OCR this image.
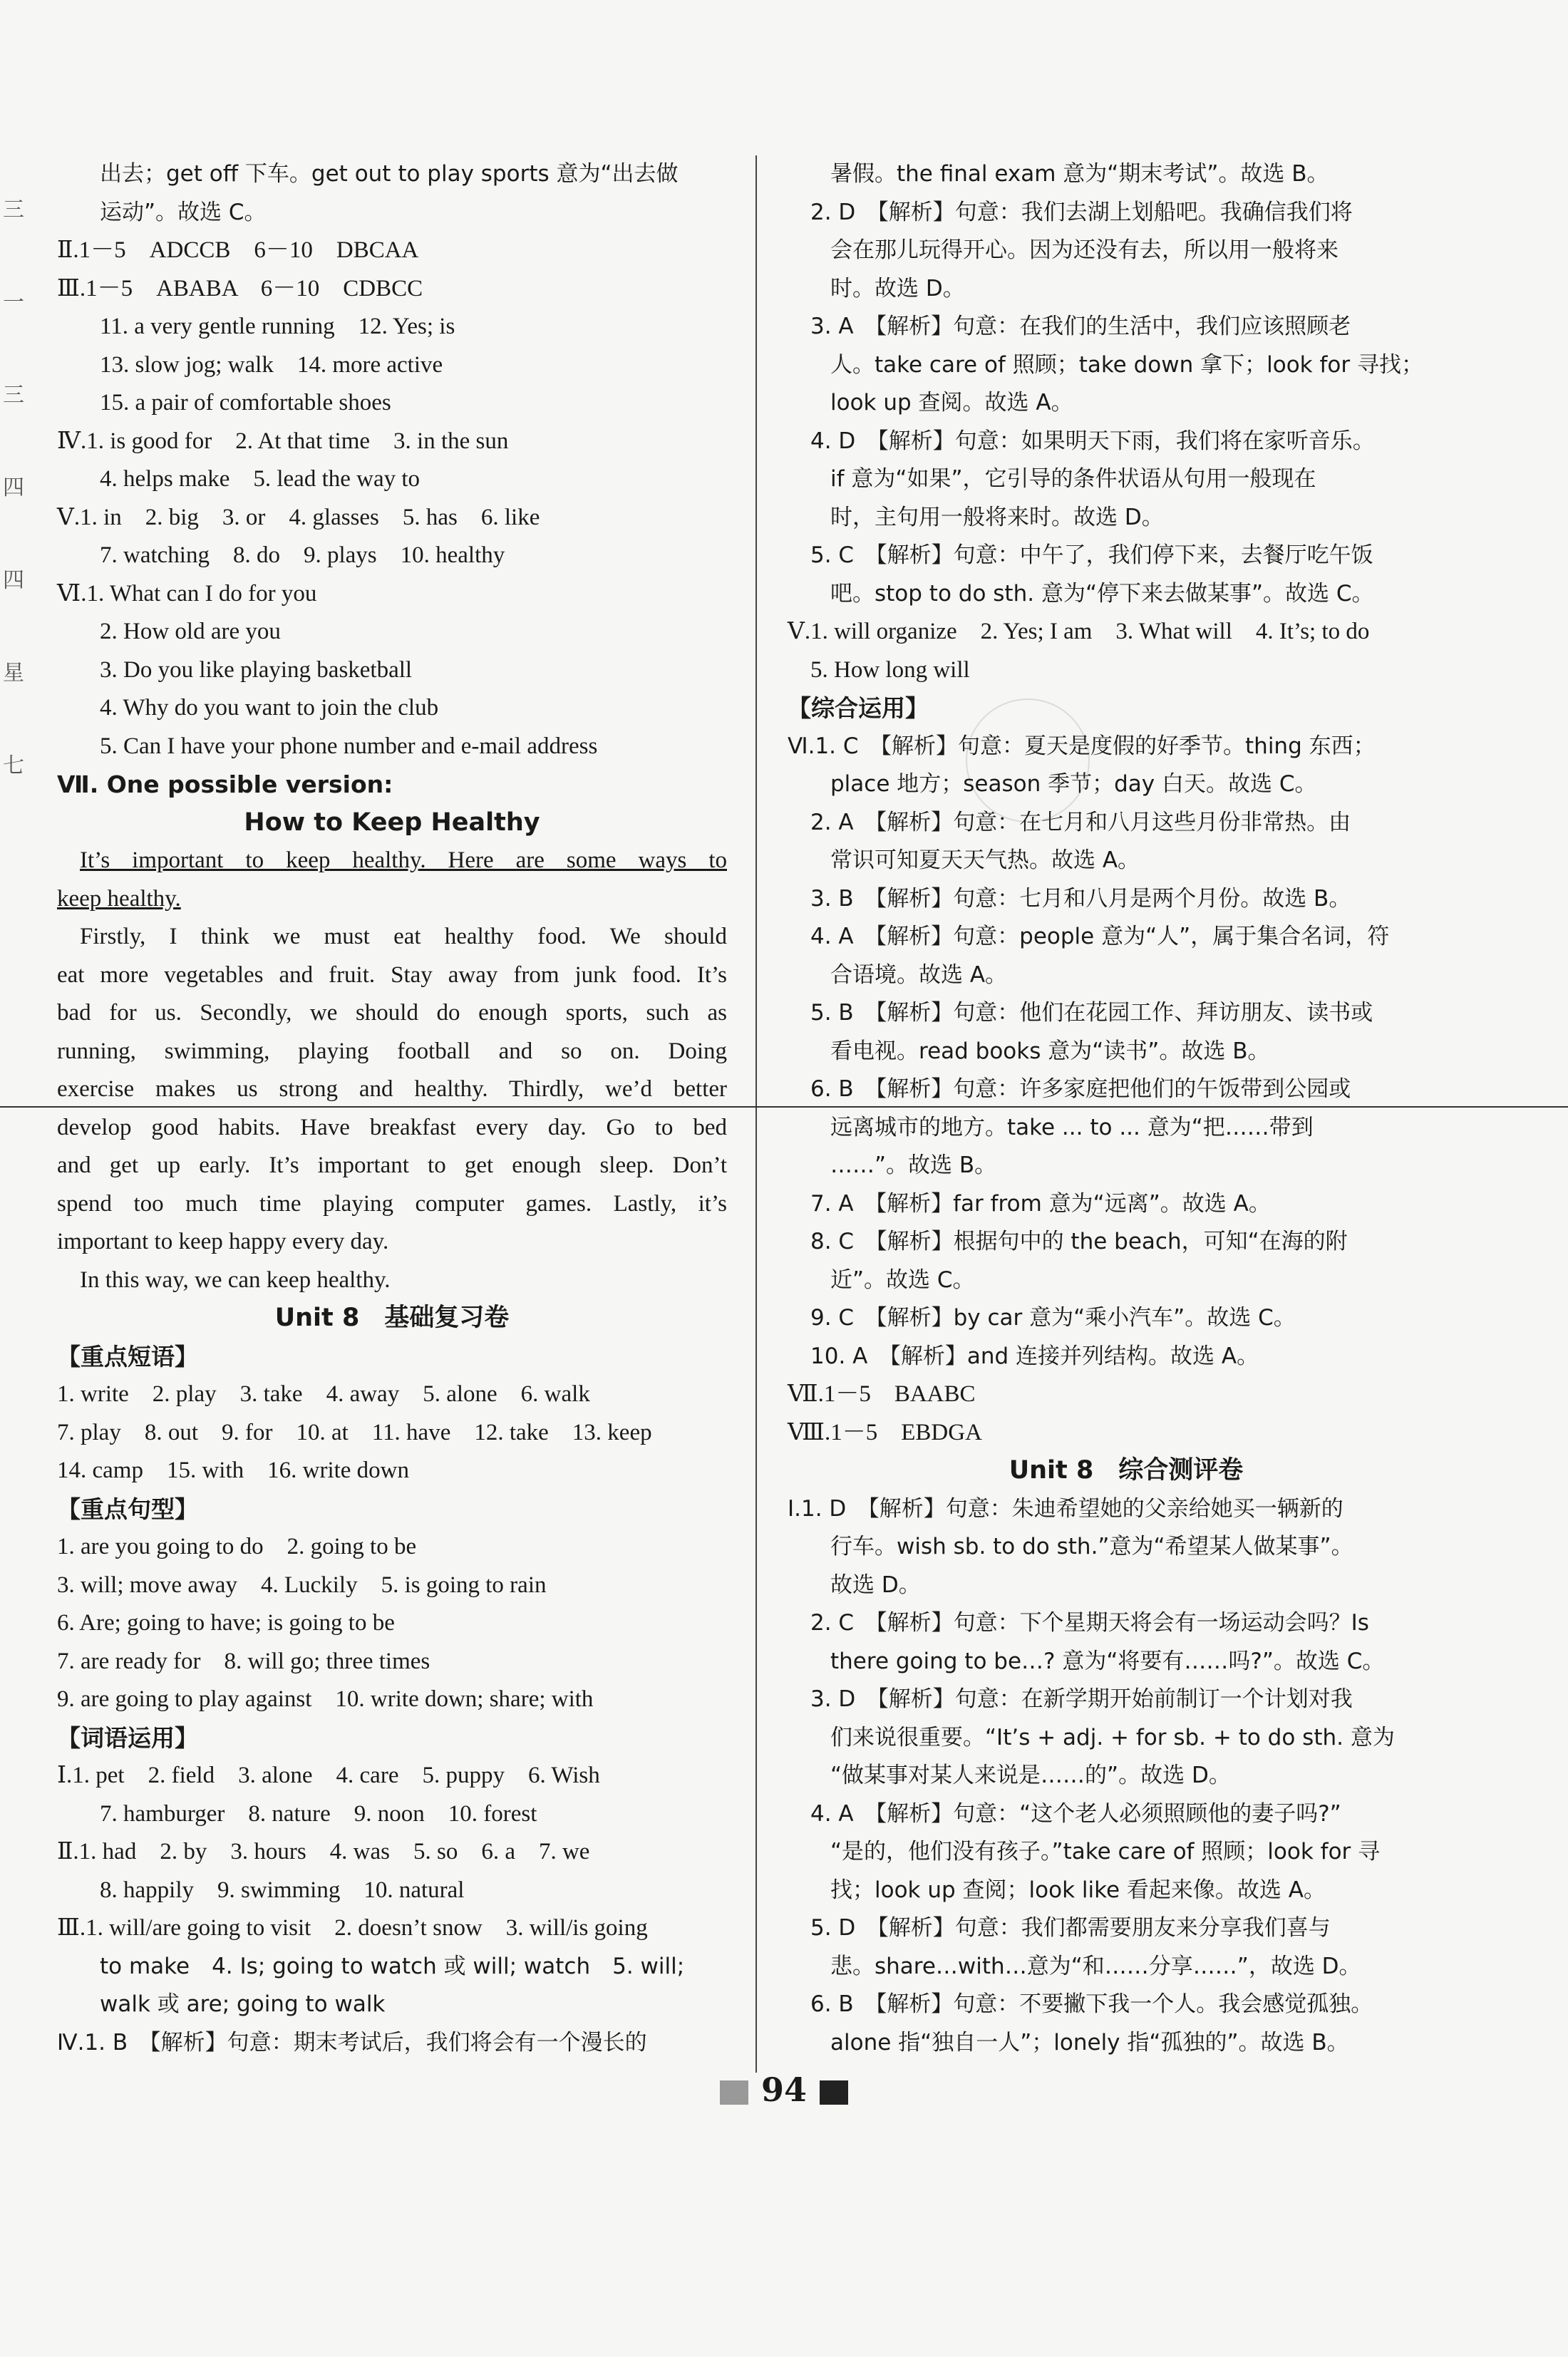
三
一
三
四
四
星
七
出去；get off 下车。get out to play sports 意为“出去做
运动”。故选 C。
Ⅱ.1－5　ADCCB　6－10　DBCAA
Ⅲ.1－5　ABABA　6－10　CDBCC
11. a very gentle running　12. Yes; is
13. slow jog; walk　14. more active
15. a pair of comfortable shoes
Ⅳ.1. is good for　2. At that time　3. in the sun
4. helps make　5. lead the way to
Ⅴ.1. in　2. big　3. or　4. glasses　5. has　6. like
7. watching　8. do　9. plays　10. healthy
Ⅵ.1. What can I do for you
2. How old are you
3. Do you like playing basketball
4. Why do you want to join the club
5. Can I have your phone number and e-mail address
Ⅶ. One possible version:
How to Keep Healthy
It’s important to keep healthy. Here are some ways to
keep healthy.
Firstly, I think we must eat healthy food. We should
eat more vegetables and fruit. Stay away from junk food. It’s
bad for us. Secondly, we should do enough sports, such as
running, swimming, playing football and so on. Doing
exercise makes us strong and healthy. Thirdly, we’d better
develop good habits. Have breakfast every day. Go to bed
and get up early. It’s important to get enough sleep. Don’t
spend too much time playing computer games. Lastly, it’s
important to keep happy every day.
In this way, we can keep healthy.
Unit 8　基础复习卷
【重点短语】
1. write　2. play　3. take　4. away　5. alone　6. walk
7. play　8. out　9. for　10. at　11. have　12. take　13. keep
14. camp　15. with　16. write down
【重点句型】
1. are you going to do　2. going to be
3. will; move away　4. Luckily　5. is going to rain
6. Are; going to have; is going to be
7. are ready for　8. will go; three times
9. are going to play against　10. write down; share; with
【词语运用】
Ⅰ.1. pet　2. field　3. alone　4. care　5. puppy　6. Wish
7. hamburger　8. nature　9. noon　10. forest
Ⅱ.1. had　2. by　3. hours　4. was　5. so　6. a　7. we
8. happily　9. swimming　10. natural
Ⅲ.1. will/are going to visit　2. doesn’t snow　3. will/is going
to make　4. Is; going to watch 或 will; watch　5. will;
walk 或 are; going to walk
Ⅳ.1. B　【解析】句意：期末考试后，我们将会有一个漫长的
暑假。the final exam 意为“期末考试”。故选 B。
2. D　【解析】句意：我们去湖上划船吧。我确信我们将
会在那儿玩得开心。因为还没有去，所以用一般将来
时。故选 D。
3. A　【解析】句意：在我们的生活中，我们应该照顾老
人。take care of 照顾；take down 拿下；look for 寻找；
look up 查阅。故选 A。
4. D　【解析】句意：如果明天下雨，我们将在家听音乐。
if 意为“如果”，它引导的条件状语从句用一般现在
时，主句用一般将来时。故选 D。
5. C　【解析】句意：中午了，我们停下来，去餐厅吃午饭
吧。stop to do sth. 意为“停下来去做某事”。故选 C。
Ⅴ.1. will organize　2. Yes; I am　3. What will　4. It’s; to do
5. How long will
【综合运用】
Ⅵ.1. C　【解析】句意：夏天是度假的好季节。thing 东西；
place 地方；season 季节；day 白天。故选 C。
2. A　【解析】句意：在七月和八月这些月份非常热。由
常识可知夏天天气热。故选 A。
3. B　【解析】句意：七月和八月是两个月份。故选 B。
4. A　【解析】句意：people 意为“人”，属于集合名词，符
合语境。故选 A。
5. B　【解析】句意：他们在花园工作、拜访朋友、读书或
看电视。read books 意为“读书”。故选 B。
6. B　【解析】句意：许多家庭把他们的午饭带到公园或
远离城市的地方。take ... to ... 意为“把……带到
……”。故选 B。
7. A　【解析】far from 意为“远离”。故选 A。
8. C　【解析】根据句中的 the beach，可知“在海的附
近”。故选 C。
9. C　【解析】by car 意为“乘小汽车”。故选 C。
10. A　【解析】and 连接并列结构。故选 A。
Ⅶ.1－5　BAABC
Ⅷ.1－5　EBDGA
Unit 8　综合测评卷
Ⅰ.1. D　【解析】句意：朱迪希望她的父亲给她买一辆新的
行车。wish sb. to do sth.”意为“希望某人做某事”。
故选 D。
2. C　【解析】句意：下个星期天将会有一场运动会吗？Is
there going to be…? 意为“将要有……吗?”。故选 C。
3. D　【解析】句意：在新学期开始前制订一个计划对我
们来说很重要。“It’s + adj. + for sb. + to do sth. 意为
“做某事对某人来说是……的”。故选 D。
4. A　【解析】句意：“这个老人必须照顾他的妻子吗?”
“是的，他们没有孩子。”take care of 照顾；look for 寻
找；look up 查阅；look like 看起来像。故选 A。
5. D　【解析】句意：我们都需要朋友来分享我们喜与
悲。share…with…意为“和……分享……”，故选 D。
6. B　【解析】句意：不要撇下我一个人。我会感觉孤独。
alone 指“独自一人”；lonely 指“孤独的”。故选 B。
94
